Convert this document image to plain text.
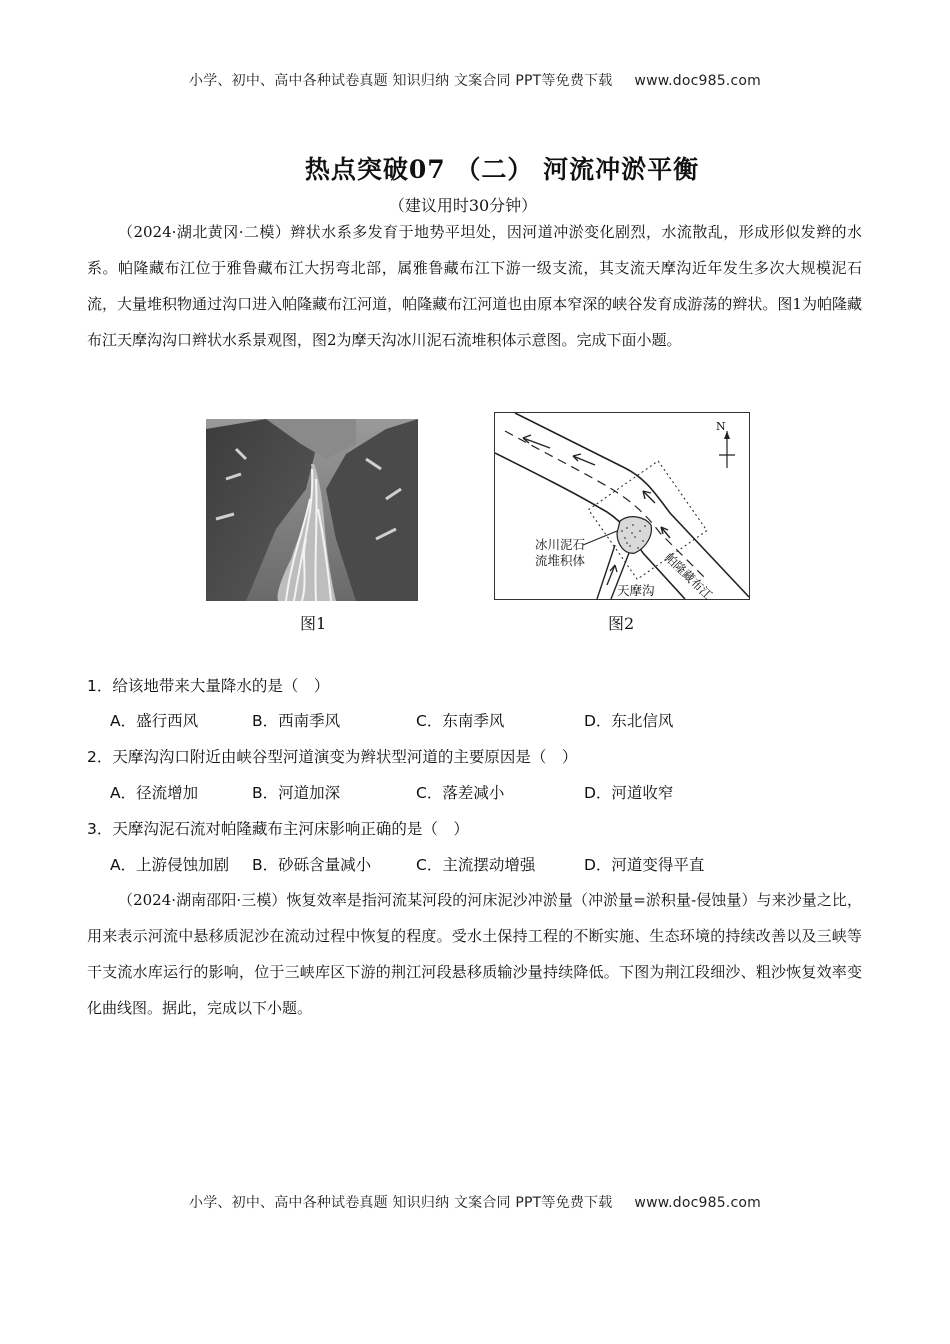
小学、初中、高中各种试卷真题 知识归纳 文案合同 PPT等免费下载 www.doc985.com
热点突破07 （二） 河流冲淤平衡
（建议用时30分钟）
（2024·湖北黄冈·二模）辫状水系多发育于地势平坦处，因河道冲淤变化剧烈，水流散乱，形成形似发辫的水系。帕隆藏布江位于雅鲁藏布江大拐弯北部，属雅鲁藏布江下游一级支流，其支流天摩沟近年发生多次大规模泥石流，大量堆积物通过沟口进入帕隆藏布江河道，帕隆藏布江河道也由原本窄深的峡谷发育成游荡的辫状。图1为帕隆藏布江天摩沟沟口辫状水系景观图，图2为摩天沟冰川泥石流堆积体示意图。完成下面小题。
图1
N
冰川泥石
流堆积体
天摩沟 帕隆藏布江
图2
1．给该地带来大量降水的是（　）
A．盛行西风	B．西南季风	C．东南季风	D．东北信风
2．天摩沟沟口附近由峡谷型河道演变为辫状型河道的主要原因是（　）
A．径流增加	B．河道加深	C．落差减小	D．河道收窄
3．天摩沟泥石流对帕隆藏布主河床影响正确的是（　）
A．上游侵蚀加剧 B．砂砾含量减小	C．主流摆动增强	D．河道变得平直
（2024·湖南邵阳·三模）恢复效率是指河流某河段的河床泥沙冲淤量（冲淤量=淤积量-侵蚀量）与来沙量之比，用来表示河流中悬移质泥沙在流动过程中恢复的程度。受水土保持工程的不断实施、生态环境的持续改善以及三峡等干支流水库运行的影响，位于三峡库区下游的荆江河段悬移质输沙量持续降低。下图为荆江段细沙、粗沙恢复效率变化曲线图。据此，完成以下小题。
小学、初中、高中各种试卷真题 知识归纳 文案合同 PPT等免费下载 www.doc985.com
